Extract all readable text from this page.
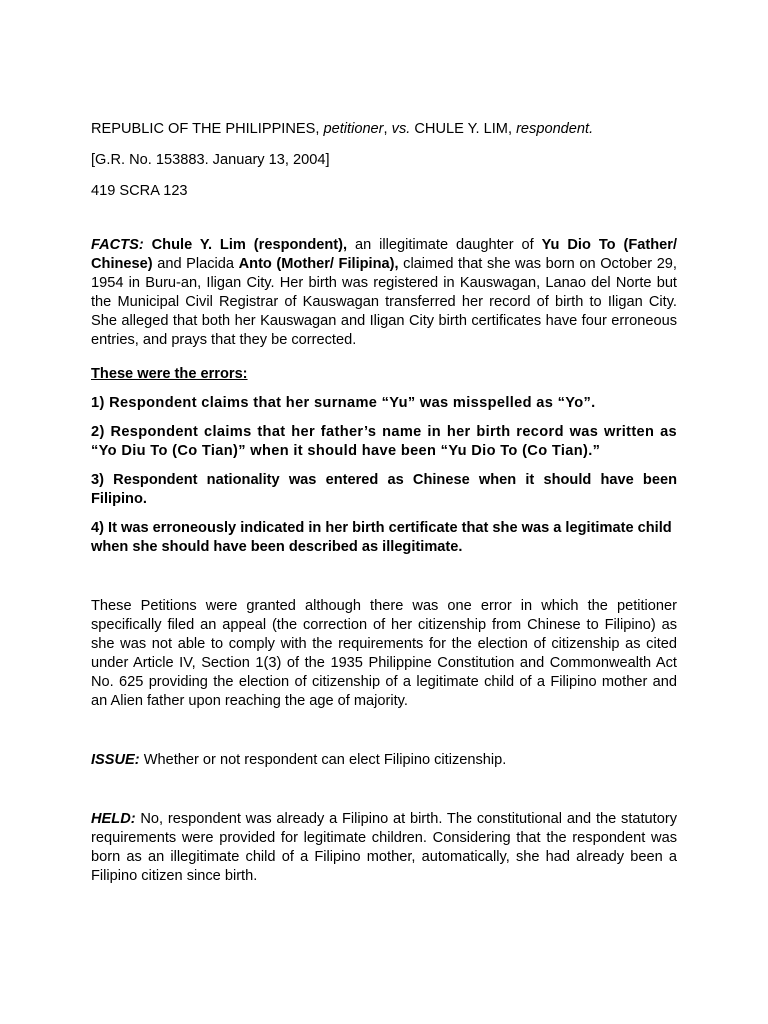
REPUBLIC OF THE PHILIPPINES, petitioner, vs. CHULE Y. LIM, respondent.

[G.R. No. 153883. January 13, 2004]

419 SCRA 123

FACTS: Chule Y. Lim (respondent), an illegitimate daughter of Yu Dio To (Father/ Chinese) and Placida Anto (Mother/ Filipina), claimed that she was born on October 29, 1954 in Buru-an, Iligan City. Her birth was registered in Kauswagan, Lanao del Norte but the Municipal Civil Registrar of Kauswagan transferred her record of birth to Iligan City. She alleged that both her Kauswagan and Iligan City birth certificates have four erroneous entries, and prays that they be corrected.

These were the errors:

1) Respondent claims that her surname “Yu” was misspelled as “Yo”.

2) Respondent claims that her father’s name in her birth record was written as “Yo Diu To (Co Tian)” when it should have been “Yu Dio To (Co Tian).”

3) Respondent nationality was entered as Chinese when it should have been Filipino.

4) It was erroneously indicated in her birth certificate that she was a legitimate child when she should have been described as illegitimate.

These Petitions were granted although there was one error in which the petitioner specifically filed an appeal (the correction of her citizenship from Chinese to Filipino) as she was not able to comply with the requirements for the election of citizenship as cited under Article IV, Section 1(3) of the 1935 Philippine Constitution and Commonwealth Act No. 625 providing the election of citizenship of a legitimate child of a Filipino mother and an Alien father upon reaching the age of majority.

ISSUE: Whether or not respondent can elect Filipino citizenship.

HELD: No, respondent was already a Filipino at birth. The constitutional and the statutory requirements were provided for legitimate children. Considering that the respondent was born as an illegitimate child of a Filipino mother, automatically, she had already been a Filipino citizen since birth.
